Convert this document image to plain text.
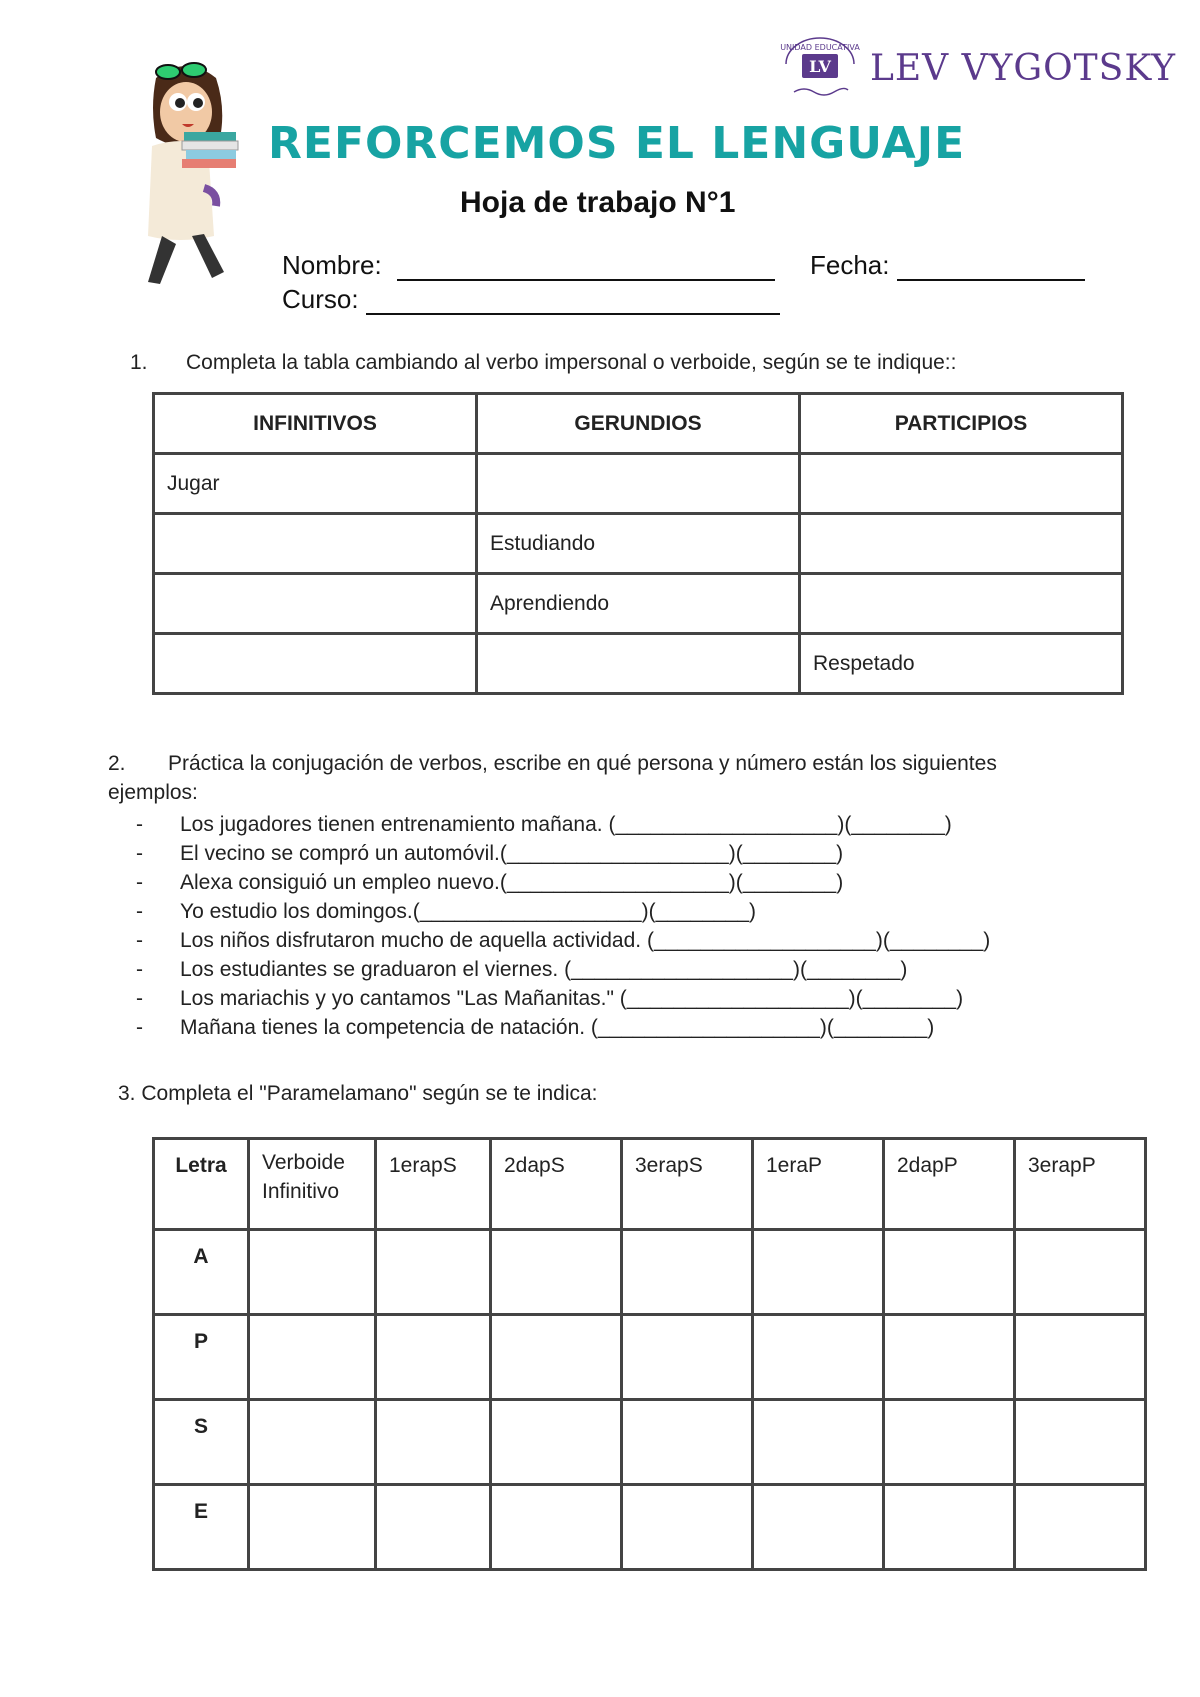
UNIDAD EDUCATIVA
LV LEV VYGOTSKY
REFORCEMOS EL LENGUAJE
Hoja de trabajo N°1
Nombre:	Fecha:
Curso:
1. Completa la tabla cambiando al verbo impersonal o verboide, según se te indique::
INFINITIVOS	GERUNDIOS	PARTICIPIOS
Jugar		
	Estudiando	
	Aprendiendo	
		Respetado
2. Práctica la conjugación de verbos, escribe en qué persona y número están los siguientes
ejemplos:
- Los jugadores tienen entrenamiento mañana. (___________________)(________)
- El vecino se compró un automóvil.(___________________)(________)
- Alexa consiguió un empleo nuevo.(___________________)(________)
- Yo estudio los domingos.(___________________)(________)
- Los niños disfrutaron mucho de aquella actividad. (___________________)(________)
- Los estudiantes se graduaron el viernes. (___________________)(________)
- Los mariachis y yo cantamos "Las Mañanitas." (___________________)(________)
- Mañana tienes la competencia de natación. (___________________)(________)
3. Completa el "Paramelamano" según se te indica:
Letra	Verboide Infinitivo	1erapS	2dapS	3erapS	1eraP	2dapP	3erapP
A							
P							
S							
E							
